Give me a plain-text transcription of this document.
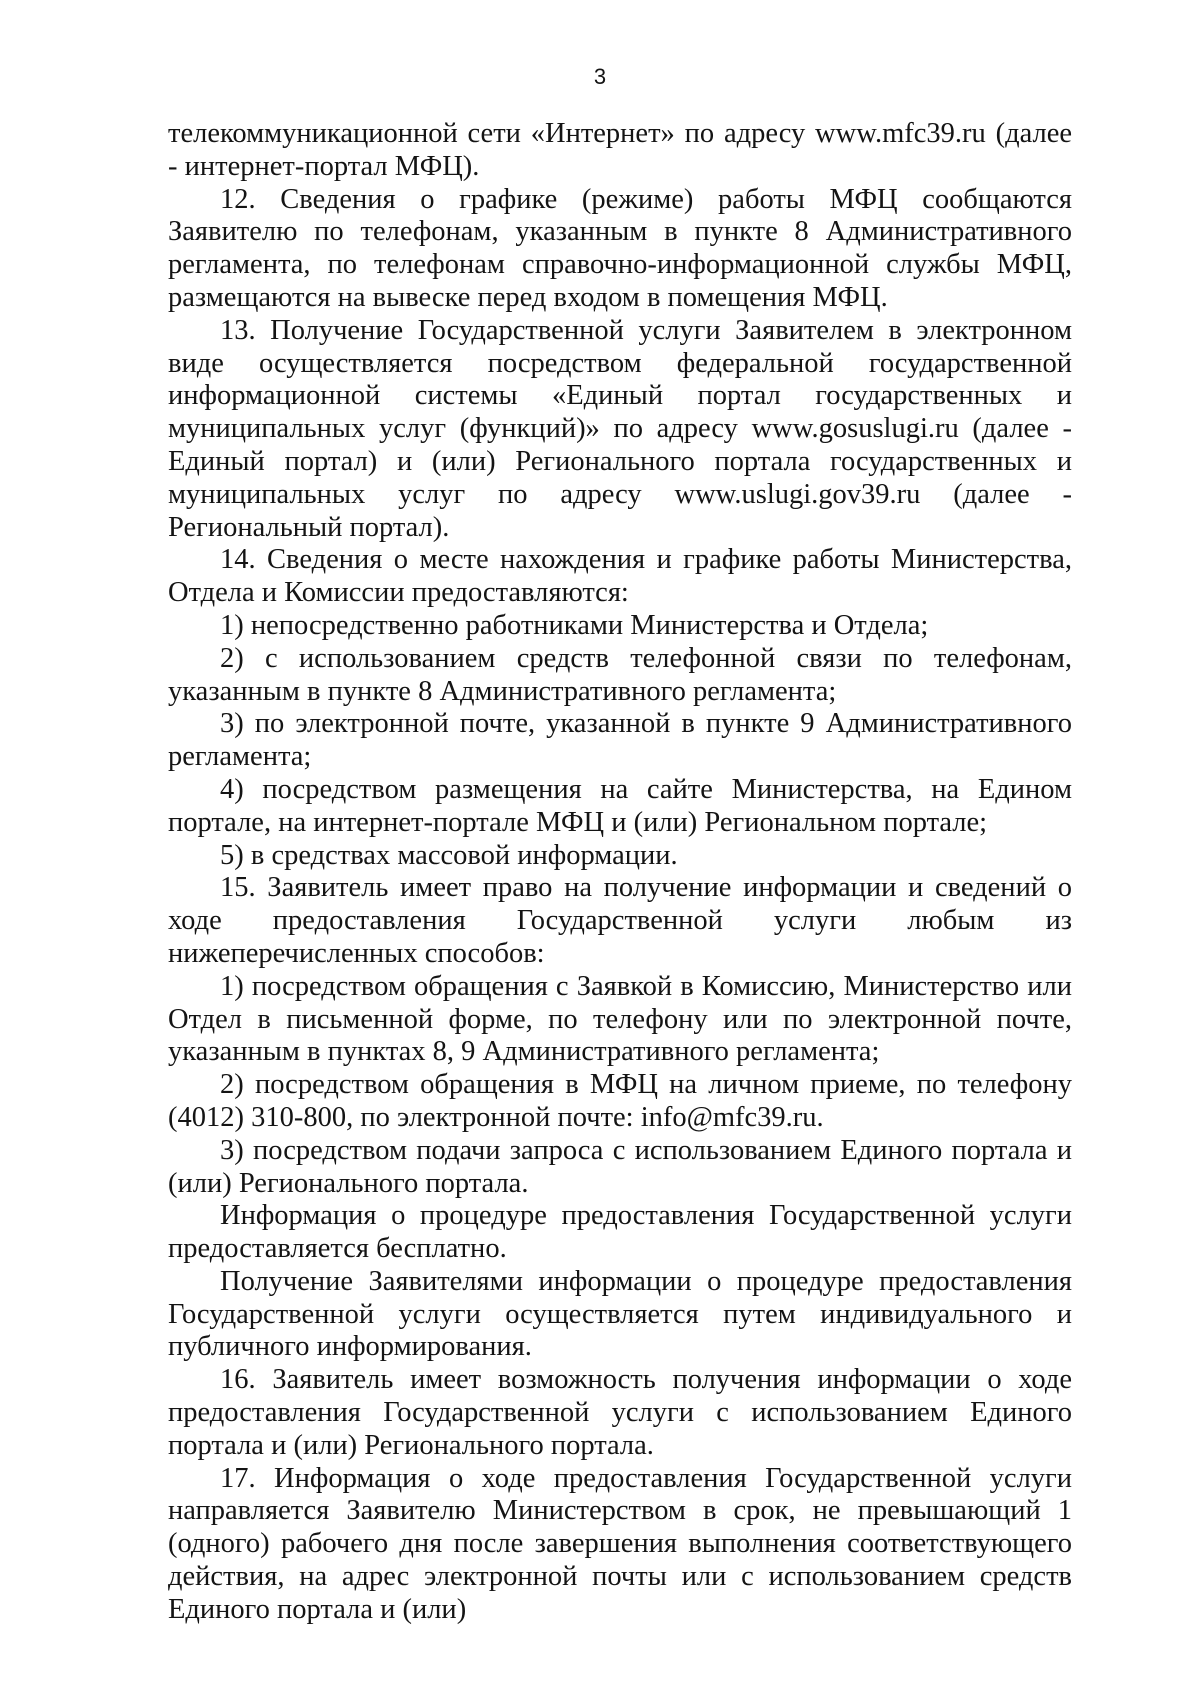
3

телекоммуникационной сети «Интернет» по адресу www.mfc39.ru (далее - интернет-портал МФЦ).

12. Сведения о графике (режиме) работы МФЦ сообщаются Заявителю по телефонам, указанным в пункте 8 Административного регламента, по телефонам справочно-информационной службы МФЦ, размещаются на вывеске перед входом в помещения МФЦ.

13. Получение Государственной услуги Заявителем в электронном виде осуществляется посредством федеральной государственной информационной системы «Единый портал государственных и муниципальных услуг (функций)» по адресу www.gosuslugi.ru (далее - Единый портал) и (или) Регионального портала государственных и муниципальных услуг по адресу www.uslugi.gov39.ru (далее - Региональный портал).

14. Сведения о месте нахождения и графике работы Министерства, Отдела и Комиссии предоставляются:

1) непосредственно работниками Министерства и Отдела;

2) с использованием средств телефонной связи по телефонам, указанным в пункте 8 Административного регламента;

3) по электронной почте, указанной в пункте 9 Административного регламента;

4) посредством размещения на сайте Министерства, на Едином портале, на интернет-портале МФЦ и (или) Региональном портале;

5) в средствах массовой информации.

15. Заявитель имеет право на получение информации и сведений о ходе предоставления Государственной услуги любым из нижеперечисленных способов:

1) посредством обращения с Заявкой в Комиссию, Министерство или Отдел в письменной форме, по телефону или по электронной почте, указанным в пунктах 8, 9 Административного регламента;

2) посредством обращения в МФЦ на личном приеме, по телефону (4012) 310-800, по электронной почте: info@mfc39.ru.

3) посредством подачи запроса с использованием Единого портала и (или) Регионального портала.

Информация о процедуре предоставления Государственной услуги предоставляется бесплатно.

Получение Заявителями информации о процедуре предоставления Государственной услуги осуществляется путем индивидуального и публичного информирования.

16. Заявитель имеет возможность получения информации о ходе предоставления Государственной услуги с использованием Единого портала и (или) Регионального портала.

17. Информация о ходе предоставления Государственной услуги направляется Заявителю Министерством в срок, не превышающий 1 (одного) рабочего дня после завершения выполнения соответствующего действия, на адрес электронной почты или с использованием средств Единого портала и (или)
